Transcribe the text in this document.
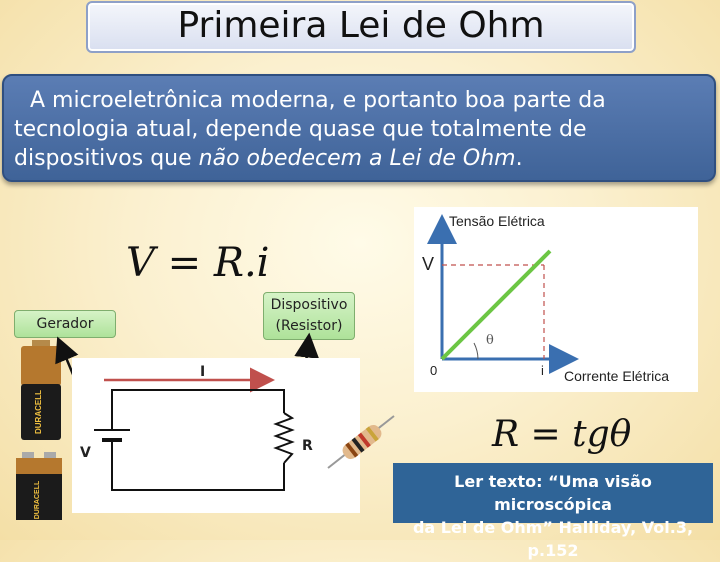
Primeira Lei de Ohm
A microeletrônica moderna, e portanto boa parte da
tecnologia atual, depende quase que totalmente de
dispositivos que não obedecem a Lei de Ohm.
V = R.i
Gerador
Dispositivo
(Resistor)
DURACELL
DURACELL
I
V	R
Tensão Elétrica
θ
V
0	i Corrente Elétrica
R = tgθ
Ler texto: “Uma visão microscópica
da Lei de Ohm” Halliday, Vol.3, p.152
